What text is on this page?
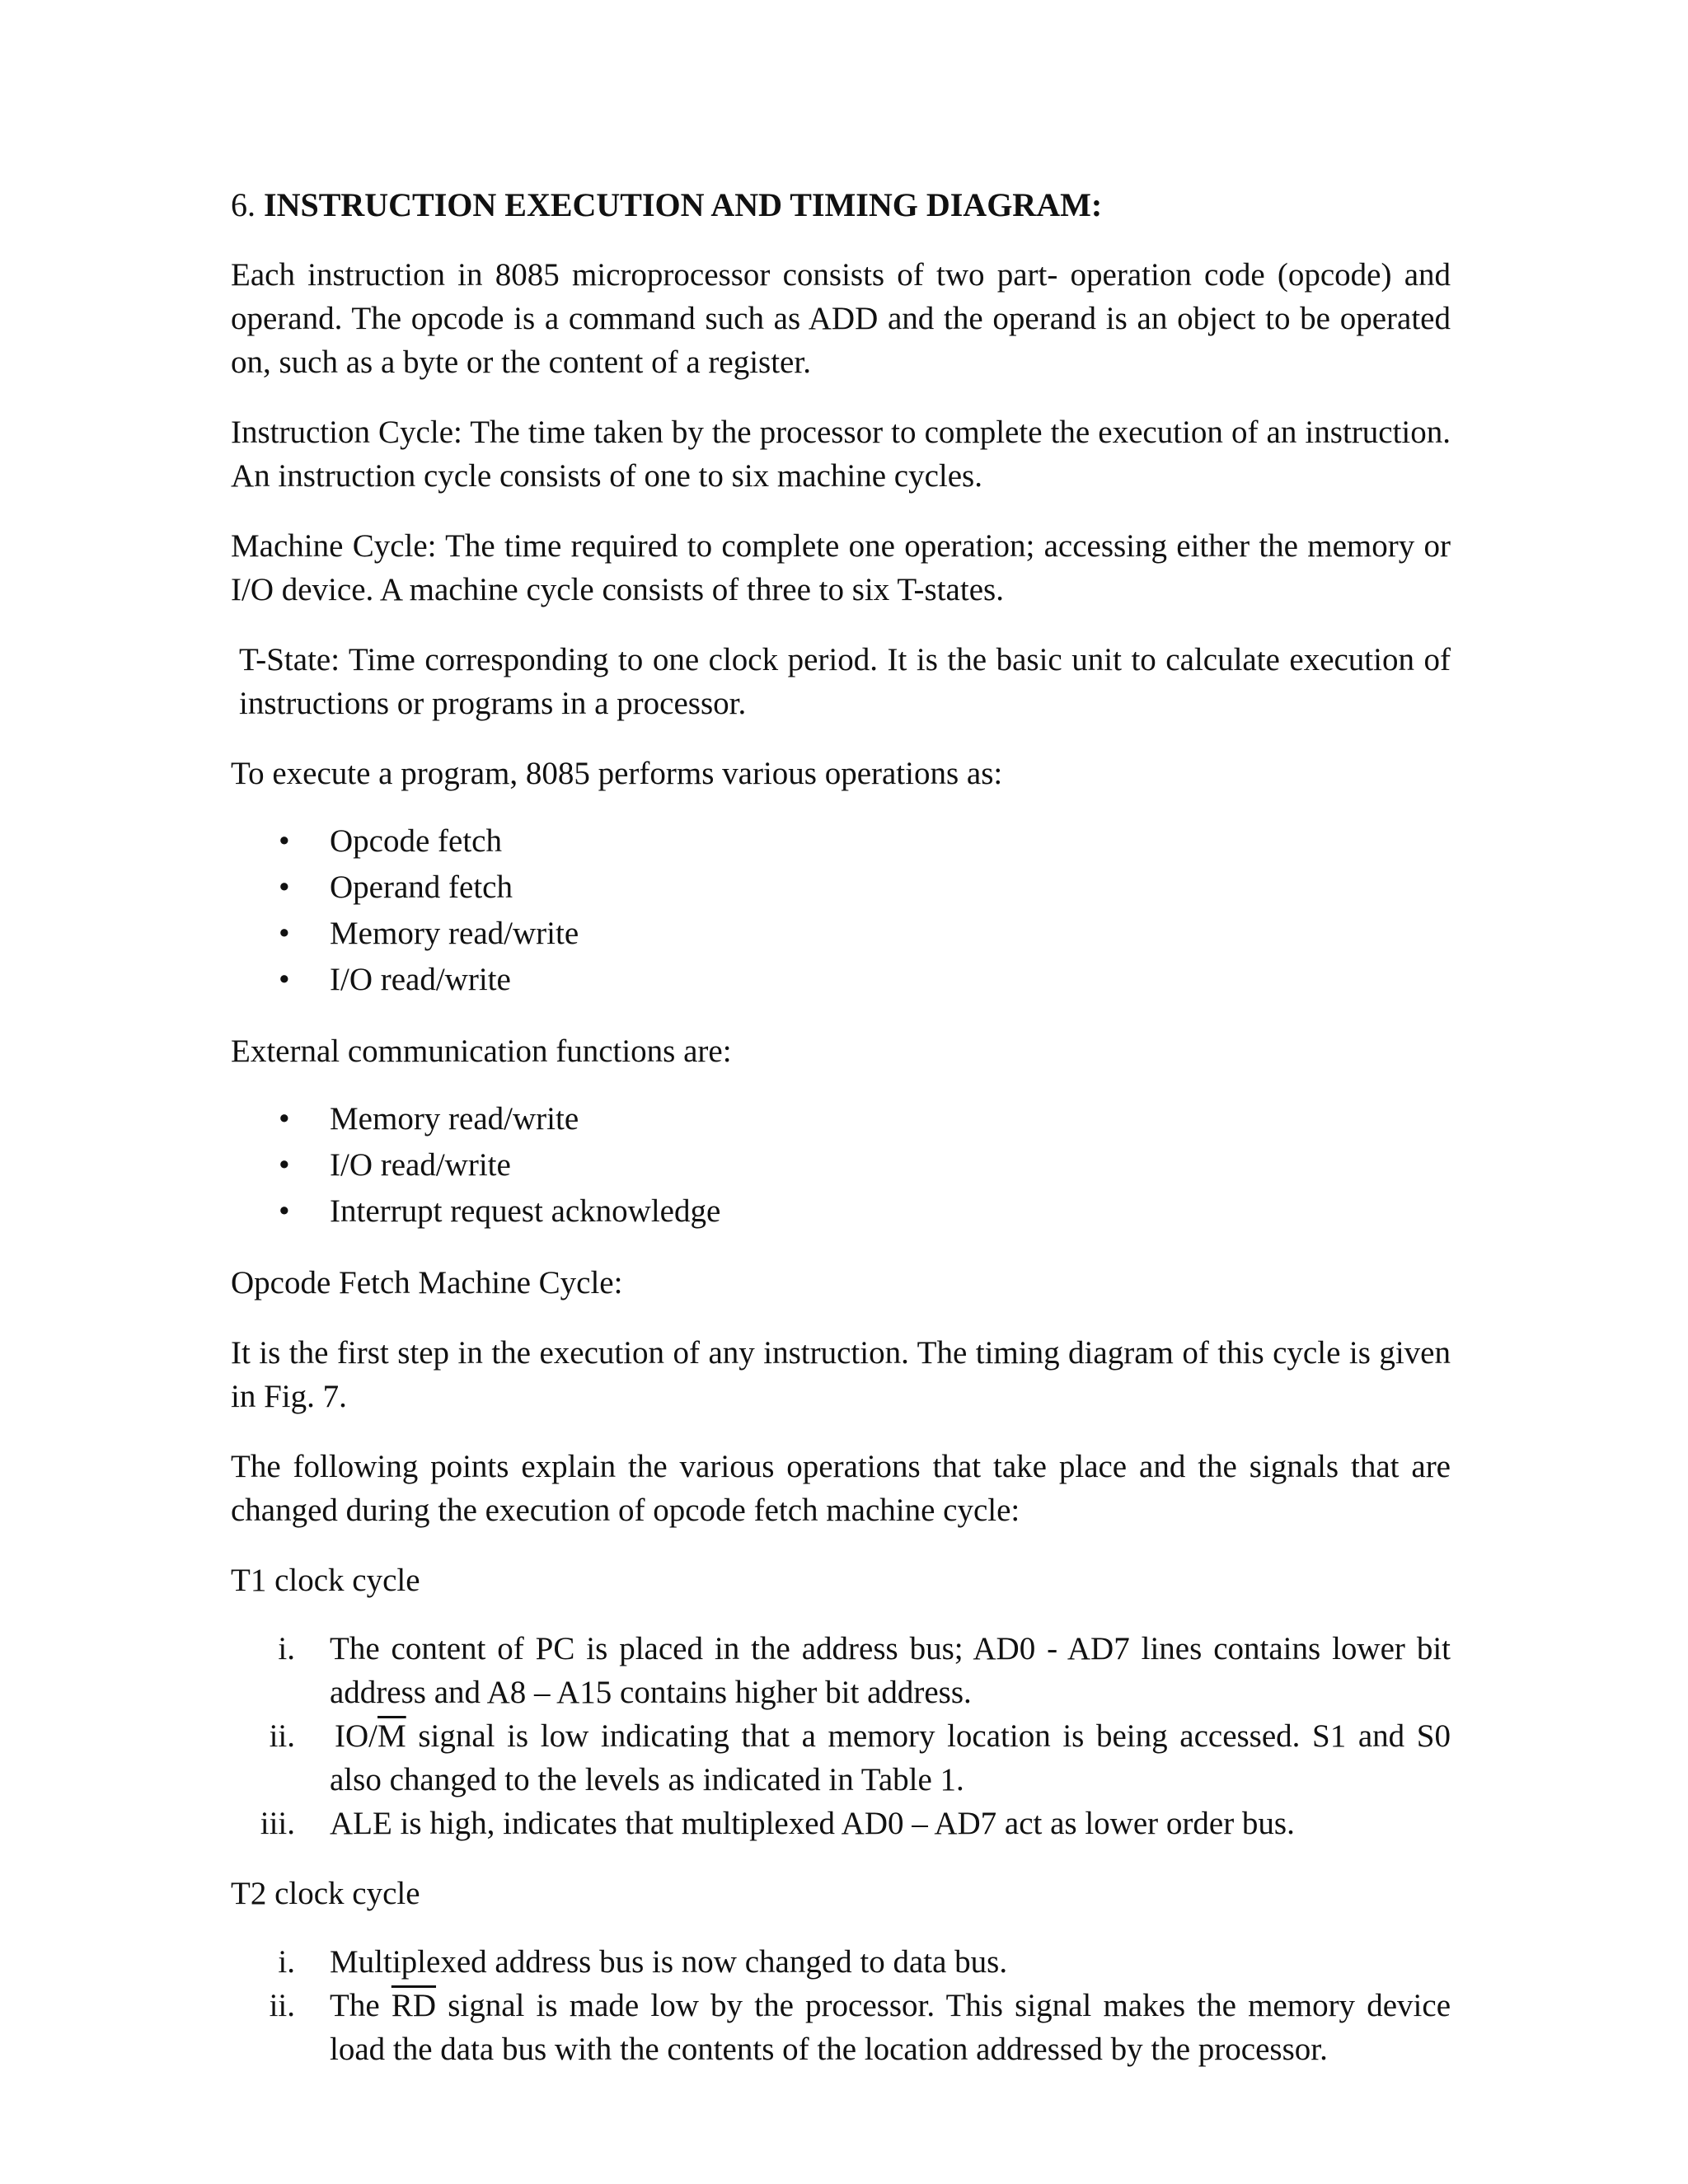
6. INSTRUCTION EXECUTION AND TIMING DIAGRAM:

Each instruction in 8085 microprocessor consists of two part- operation code (opcode) and operand. The opcode is a command such as ADD and the operand is an object to be operated on, such as a byte or the content of a register.

Instruction Cycle: The time taken by the processor to complete the execution of an instruction. An instruction cycle consists of one to six machine cycles.

Machine Cycle: The time required to complete one operation; accessing either the memory or I/O device. A machine cycle consists of three to six T-states.

T-State: Time corresponding to one clock period. It is the basic unit to calculate execution of instructions or programs in a processor.

To execute a program, 8085 performs various operations as:

• Opcode fetch
• Operand fetch
• Memory read/write
• I/O read/write

External communication functions are:

• Memory read/write
• I/O read/write
• Interrupt request acknowledge

Opcode Fetch Machine Cycle:

It is the first step in the execution of any instruction. The timing diagram of this cycle is given in Fig. 7.

The following points explain the various operations that take place and the signals that are changed during the execution of opcode fetch machine cycle:

T1 clock cycle

i. The content of PC is placed in the address bus; AD0 - AD7 lines contains lower bit address and A8 – A15 contains higher bit address.
ii. $IO/\overline{M}$ signal is low indicating that a memory location is being accessed. S1 and S0 also changed to the levels as indicated in Table 1.
iii. ALE is high, indicates that multiplexed AD0 – AD7 act as lower order bus.

T2 clock cycle

i. Multiplexed address bus is now changed to data bus.
ii. The $\overline{RD}$ signal is made low by the processor. This signal makes the memory device load the data bus with the contents of the location addressed by the processor.
